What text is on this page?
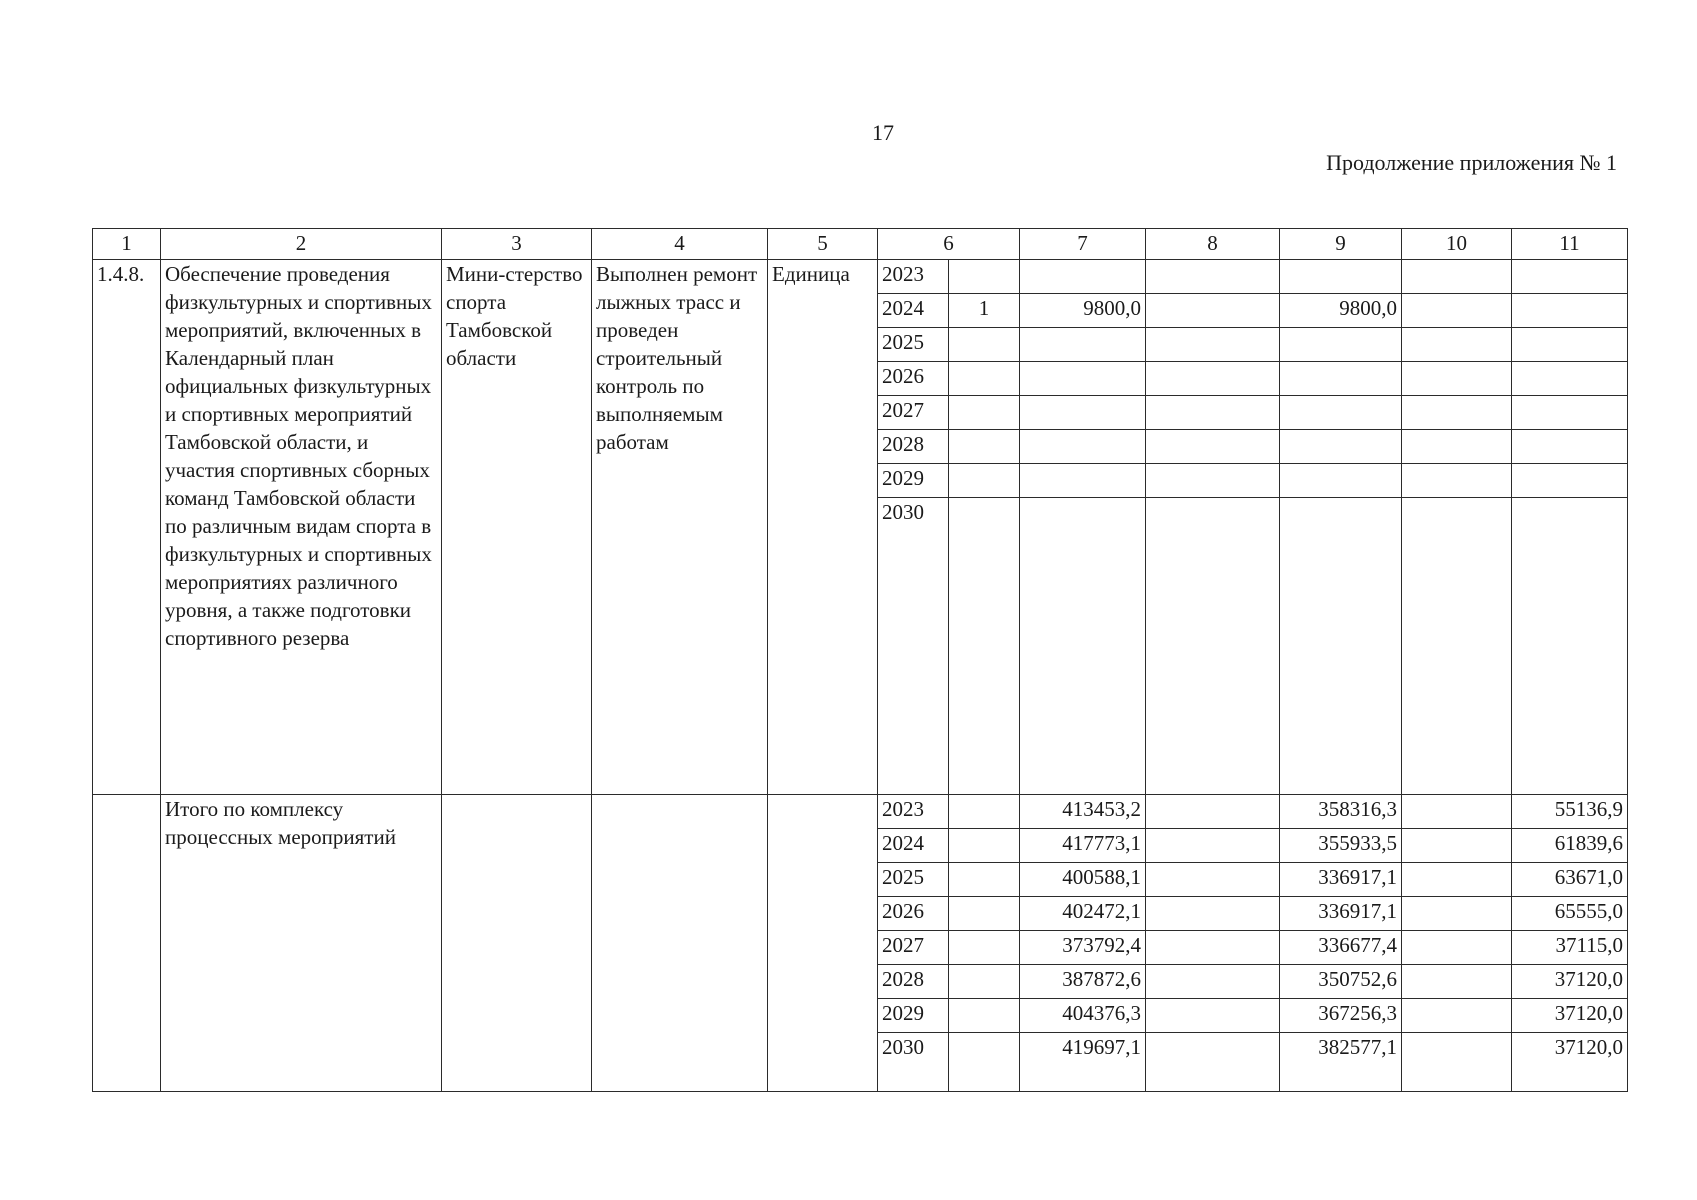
17
Продолжение приложения № 1
1	2	3	4	5	6		7	8	9	10	11
1.4.8.	Обеспечение проведения физкультурных и спортивных мероприятий, включенных в Календарный план официальных физкультурных и спортивных мероприятий Тамбовской области, и участия спортивных сборных команд Тамбовской области по различным видам спорта в физкультурных и спортивных мероприятиях различного уровня, а также подготовки спортивного резерва	Мини-стерство спорта Тамбовской области	Выполнен ремонт лыжных трасс и проведен строительный контроль по выполняемым работам	Единица	2023						
					2024	1	9800,0		9800,0		
					2025						
					2026						
					2027						
					2028						
					2029						
					2030						
	Итого по комплексу процессных мероприятий				2023		413453,2		358316,3		55136,9
					2024		417773,1		355933,5		61839,6
					2025		400588,1		336917,1		63671,0
					2026		402472,1		336917,1		65555,0
					2027		373792,4		336677,4		37115,0
					2028		387872,6		350752,6		37120,0
					2029		404376,3		367256,3		37120,0
					2030		419697,1		382577,1		37120,0
